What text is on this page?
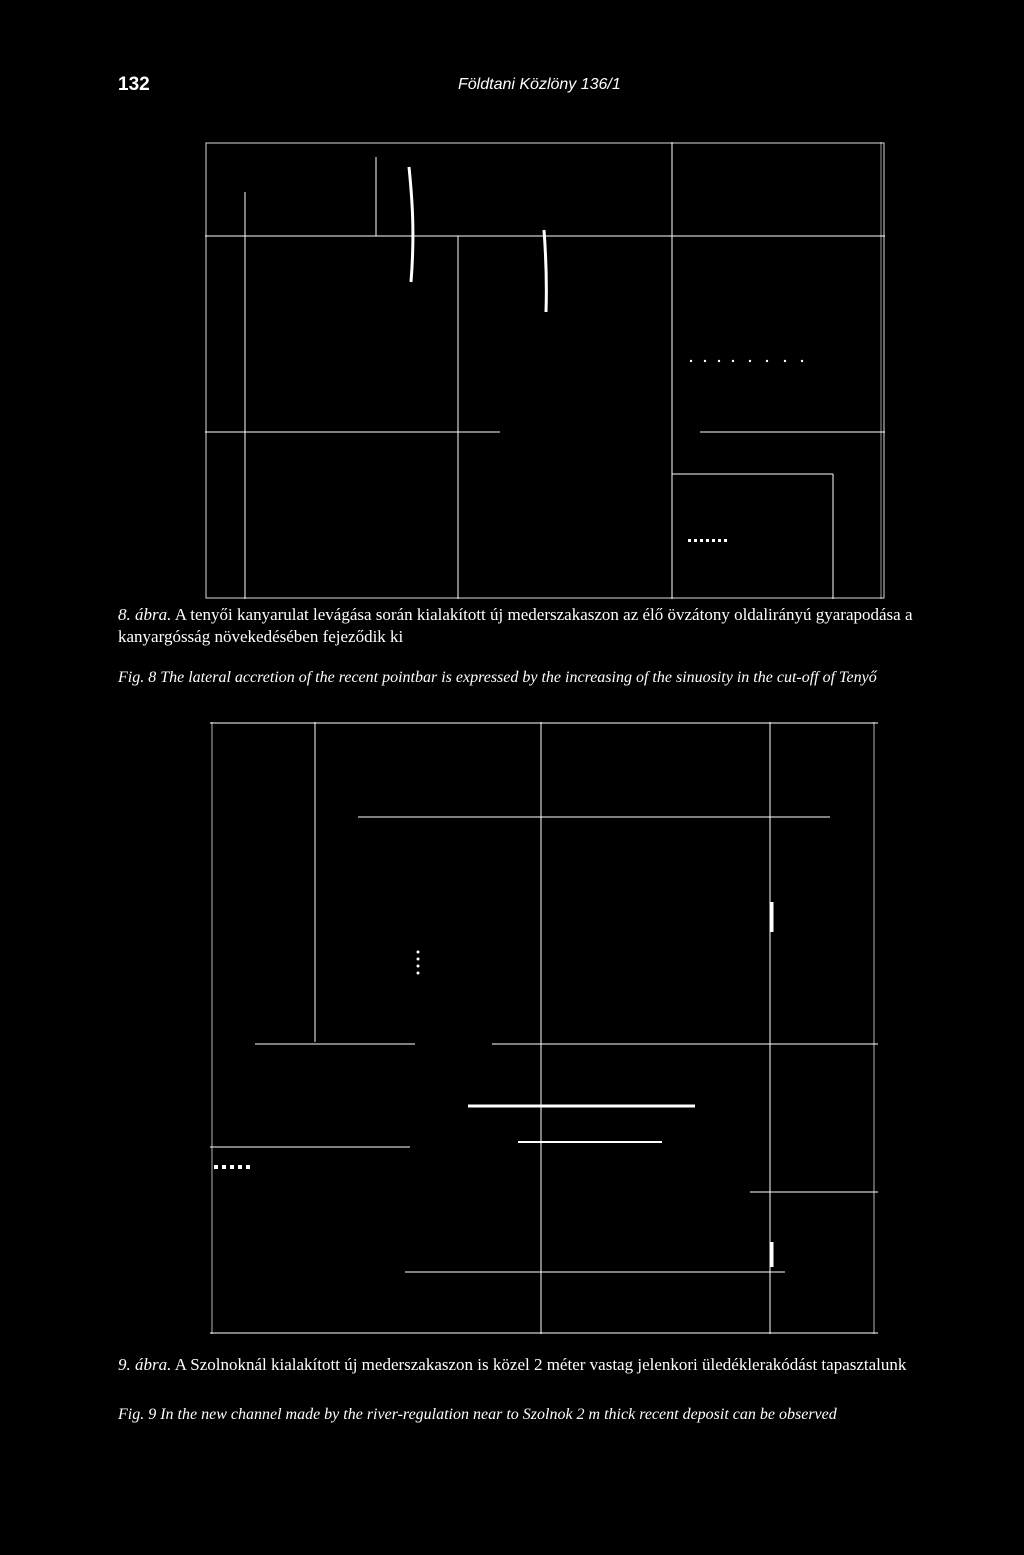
132	Földtani Közlöny 136/1
8. ábra. A tenyői kanyarulat levágása során kialakított új mederszakaszon az élő övzátony oldalirányú gyarapodása a kanyargósság növekedésében fejeződik ki
Fig. 8 The lateral accretion of the recent pointbar is expressed by the increasing of the sinuosity in the cut-off of Tenyő
9. ábra. A Szolnoknál kialakított új mederszakaszon is közel 2 méter vastag jelenkori üledéklerakódást tapasztalunk
Fig. 9 In the new channel made by the river-regulation near to Szolnok 2 m thick recent deposit can be observed
